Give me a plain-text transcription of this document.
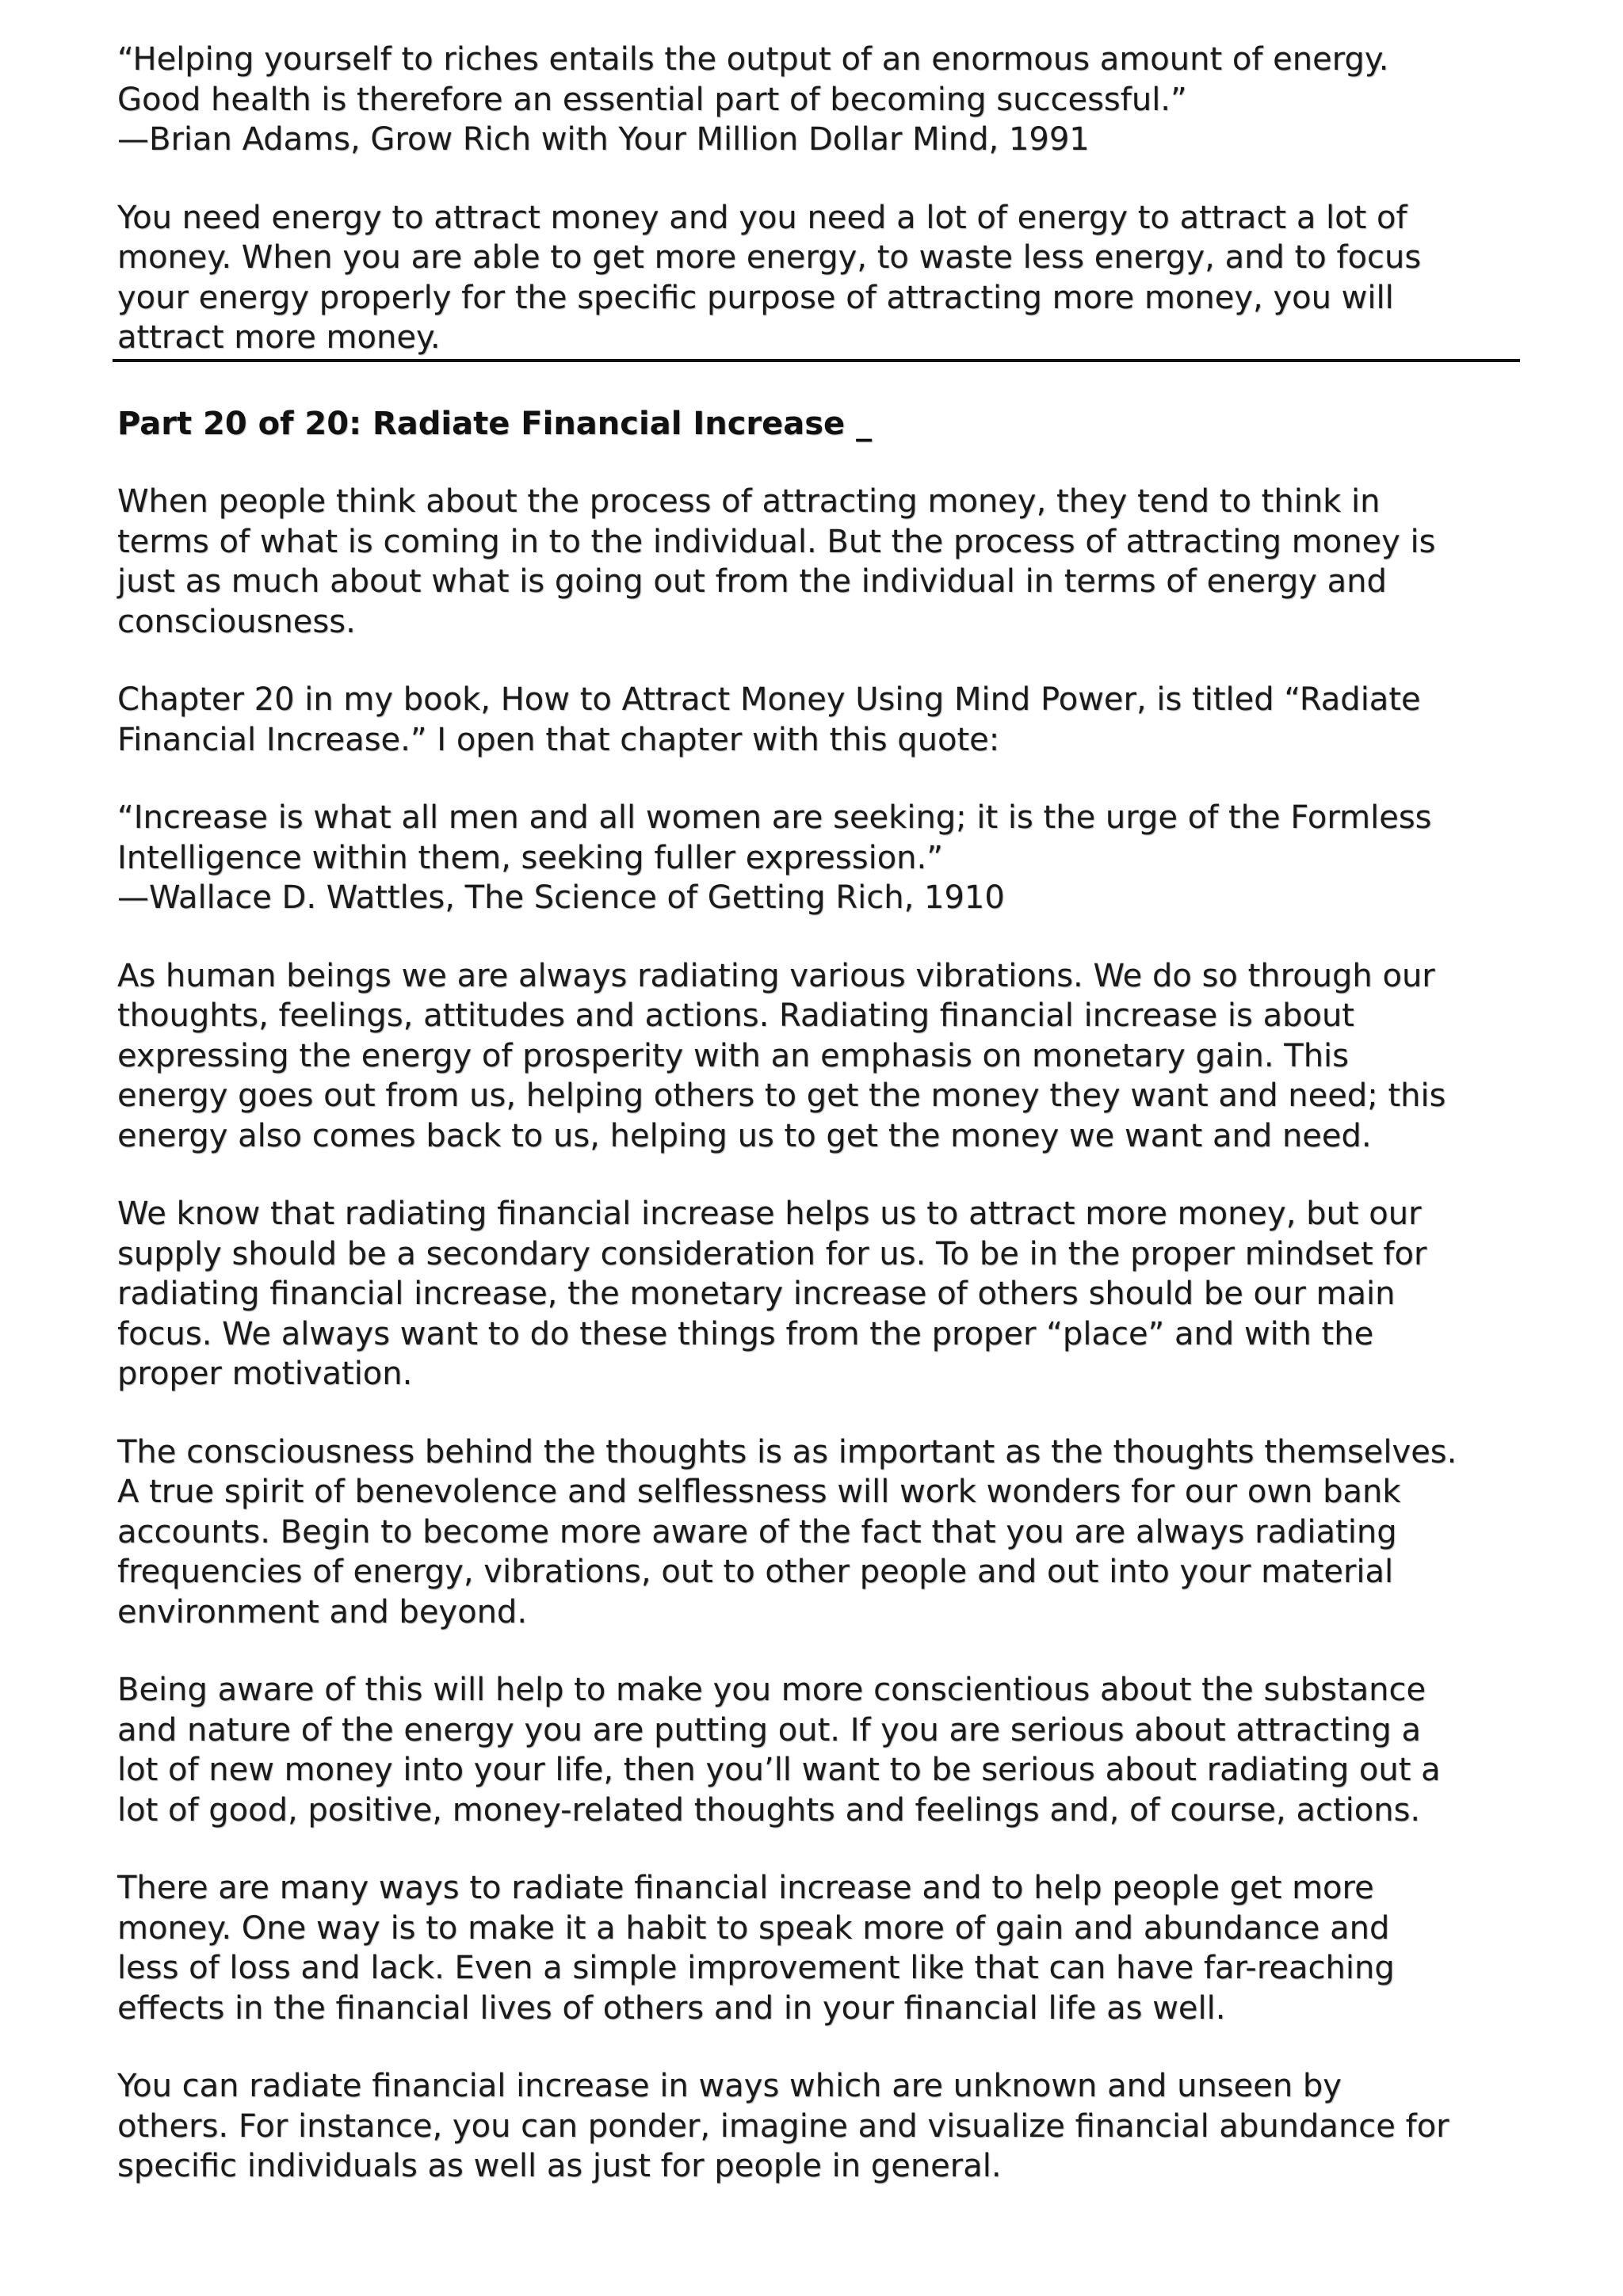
“Helping yourself to riches entails the output of an enormous amount of energy.
Good health is therefore an essential part of becoming successful.”
—Brian Adams, Grow Rich with Your Million Dollar Mind, 1991
You need energy to attract money and you need a lot of energy to attract a lot of
money. When you are able to get more energy, to waste less energy, and to focus
your energy properly for the specific purpose of attracting more money, you will
attract more money.
Part 20 of 20: Radiate Financial Increase _
When people think about the process of attracting money, they tend to think in
terms of what is coming in to the individual. But the process of attracting money is
just as much about what is going out from the individual in terms of energy and
consciousness.
Chapter 20 in my book, How to Attract Money Using Mind Power, is titled “Radiate
Financial Increase.” I open that chapter with this quote:
“Increase is what all men and all women are seeking; it is the urge of the Formless
Intelligence within them, seeking fuller expression.”
—Wallace D. Wattles, The Science of Getting Rich, 1910
As human beings we are always radiating various vibrations. We do so through our
thoughts, feelings, attitudes and actions. Radiating financial increase is about
expressing the energy of prosperity with an emphasis on monetary gain. This
energy goes out from us, helping others to get the money they want and need; this
energy also comes back to us, helping us to get the money we want and need.
We know that radiating financial increase helps us to attract more money, but our
supply should be a secondary consideration for us. To be in the proper mindset for
radiating financial increase, the monetary increase of others should be our main
focus. We always want to do these things from the proper “place” and with the
proper motivation.
The consciousness behind the thoughts is as important as the thoughts themselves.
A true spirit of benevolence and selflessness will work wonders for our own bank
accounts. Begin to become more aware of the fact that you are always radiating
frequencies of energy, vibrations, out to other people and out into your material
environment and beyond.
Being aware of this will help to make you more conscientious about the substance
and nature of the energy you are putting out. If you are serious about attracting a
lot of new money into your life, then you’ll want to be serious about radiating out a
lot of good, positive, money-related thoughts and feelings and, of course, actions.
There are many ways to radiate financial increase and to help people get more
money. One way is to make it a habit to speak more of gain and abundance and
less of loss and lack. Even a simple improvement like that can have far-reaching
effects in the financial lives of others and in your financial life as well.
You can radiate financial increase in ways which are unknown and unseen by
others. For instance, you can ponder, imagine and visualize financial abundance for
specific individuals as well as just for people in general.
